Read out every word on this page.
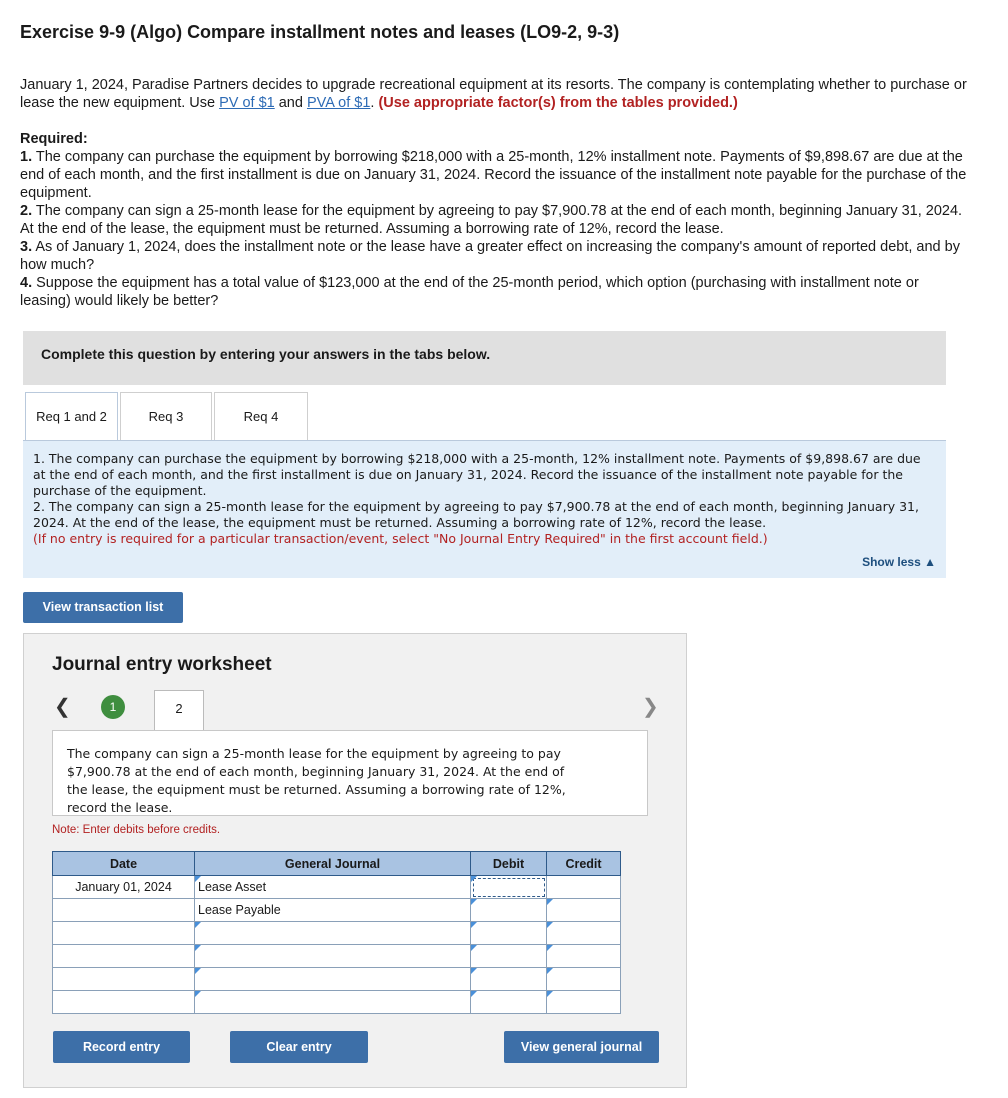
Exercise 9-9 (Algo) Compare installment notes and leases (LO9-2, 9-3)
January 1, 2024, Paradise Partners decides to upgrade recreational equipment at its resorts. The company is contemplating whether to purchase or lease the new equipment. Use PV of $1 and PVA of $1. (Use appropriate factor(s) from the tables provided.)
Required:
1. The company can purchase the equipment by borrowing $218,000 with a 25-month, 12% installment note. Payments of $9,898.67 are due at the end of each month, and the first installment is due on January 31, 2024. Record the issuance of the installment note payable for the purchase of the equipment.
2. The company can sign a 25-month lease for the equipment by agreeing to pay $7,900.78 at the end of each month, beginning January 31, 2024. At the end of the lease, the equipment must be returned. Assuming a borrowing rate of 12%, record the lease.
3. As of January 1, 2024, does the installment note or the lease have a greater effect on increasing the company's amount of reported debt, and by how much?
4. Suppose the equipment has a total value of $123,000 at the end of the 25-month period, which option (purchasing with installment note or leasing) would likely be better?
Complete this question by entering your answers in the tabs below.
Req 1 and 2	Req 3	Req 4
1. The company can purchase the equipment by borrowing $218,000 with a 25-month, 12% installment note. Payments of $9,898.67 are due at the end of each month, and the first installment is due on January 31, 2024. Record the issuance of the installment note payable for the purchase of the equipment.
2. The company can sign a 25-month lease for the equipment by agreeing to pay $7,900.78 at the end of each month, beginning January 31, 2024. At the end of the lease, the equipment must be returned. Assuming a borrowing rate of 12%, record the lease.
(If no entry is required for a particular transaction/event, select "No Journal Entry Required" in the first account field.)
Show less ▲
View transaction list
Journal entry worksheet
❮	1	2	❯
The company can sign a 25-month lease for the equipment by agreeing to pay $7,900.78 at the end of each month, beginning January 31, 2024. At the end of the lease, the equipment must be returned. Assuming a borrowing rate of 12%, record the lease.
Note: Enter debits before credits.
Date	General Journal	Debit	Credit
January 01, 2024	Lease Asset	

	Lease Payable	

Record entry	Clear entry	View general journal
